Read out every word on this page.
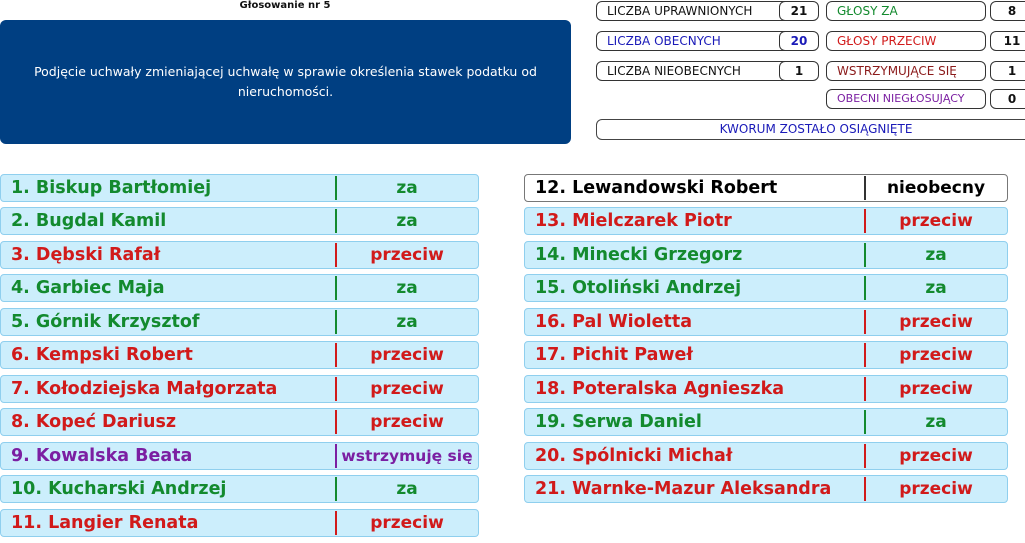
Głosowanie nr 5
Podjęcie uchwały zmieniającej uchwałę w sprawie określenia stawek podatku od nieruchomości.
LICZBA UPRAWNIONYCH	21
LICZBA OBECNYCH	20
LICZBA NIEOBECNYCH	1
GŁOSY ZA	8
GŁOSY PRZECIW	11
WSTRZYMUJĄCE SIĘ	1
OBECNI NIEGŁOSUJĄCY	0
KWORUM ZOSTAŁO OSIĄGNIĘTE
1. Biskup Bartłomiej	za
2. Bugdal Kamil	za
3. Dębski Rafał	przeciw
4. Garbiec Maja	za
5. Górnik Krzysztof	za
6. Kempski Robert	przeciw
7. Kołodziejska Małgorzata	przeciw
8. Kopeć Dariusz	przeciw
9. Kowalska Beata	wstrzymuję się
10. Kucharski Andrzej	za
11. Langier Renata	przeciw
12. Lewandowski Robert	nieobecny
13. Mielczarek Piotr	przeciw
14. Minecki Grzegorz	za
15. Otoliński Andrzej	za
16. Pal Wioletta	przeciw
17. Pichit Paweł	przeciw
18. Poteralska Agnieszka	przeciw
19. Serwa Daniel	za
20. Spólnicki Michał	przeciw
21. Warnke-Mazur Aleksandra	przeciw
